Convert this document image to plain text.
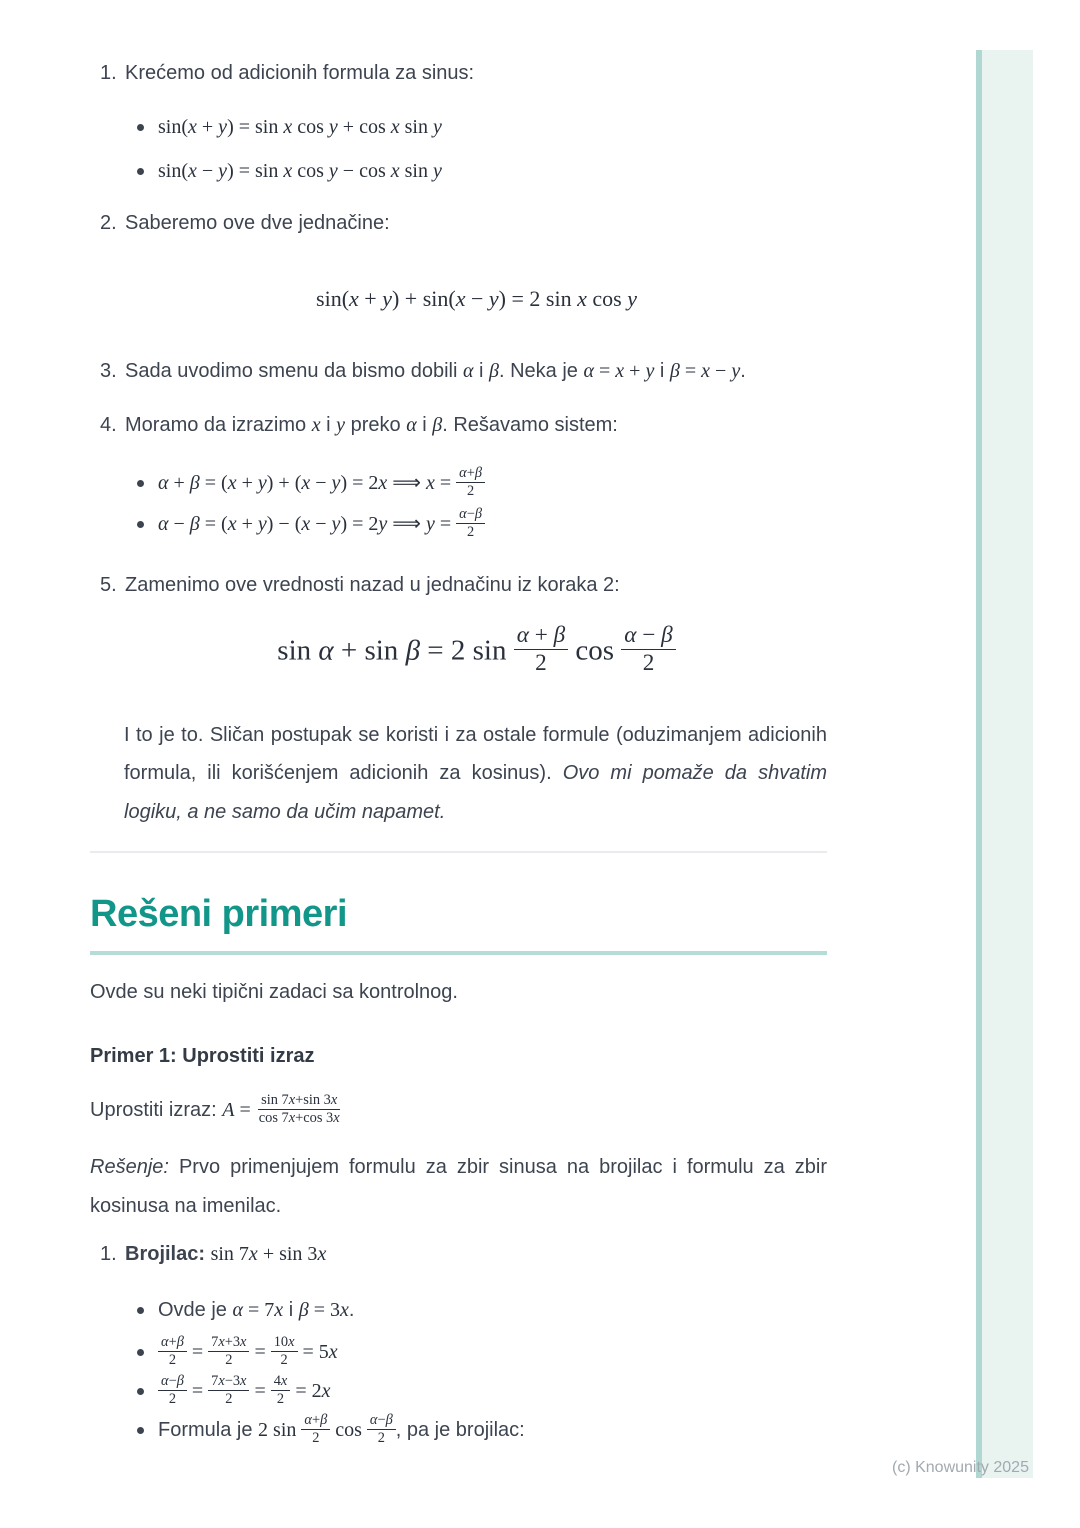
1. Krećemo od adicionih formula za sinus:
sin(x + y) = sin x cos y + cos x sin y
sin(x − y) = sin x cos y − cos x sin y
2. Saberemo ove dve jednačine:
sin(x + y) + sin(x − y) = 2 sin x cos y
3. Sada uvodimo smenu da bismo dobili α i β. Neka je α = x + y i β = x − y.
4. Moramo da izrazimo x i y preko α i β. Rešavamo sistem:
α + β = (x + y) + (x − y) = 2x ⟹ $x = \frac{\alpha+\beta}{2}$
α − β = (x + y) − (x − y) = 2y ⟹ $y = \frac{\alpha-\beta}{2}$
5. Zamenimo ove vrednosti nazad u jednačinu iz koraka 2:
sin α + sin β = 2 $\sin \frac{\alpha + \beta}{2}$ $\cos \frac{\alpha - \beta}{2}$
I to je to. Sličan postupak se koristi i za ostale formule (oduzimanjem adicionih formula, ili korišćenjem adicionih za kosinus). Ovo mi pomaže da shvatim logiku, a ne samo da učim napamet.
Rešeni primeri
Ovde su neki tipični zadaci sa kontrolnog.
Primer 1: Uprostiti izraz
Uprostiti izraz: $A = \frac{\sin 7x+\sin 3x}{\cos 7x+\cos 3x}$
Rešenje: Prvo primenjujem formulu za zbir sinusa na brojilac i formulu za zbir kosinusa na imenilac.
1. Brojilac: sin 7x + sin 3x
Ovde je α = 7x i β = 3x.
$\frac{\alpha+\beta}{2} = \frac{7x+3x}{2} = \frac{10x}{2} = 5x$
$\frac{\alpha-\beta}{2} = \frac{7x-3x}{2} = \frac{4x}{2} = 2x$
Formula je 2 $\sin \frac{\alpha+\beta}{2}$ $\cos \frac{\alpha-\beta}{2}$ , pa je brojilac:
(c) Knowunity 2025
